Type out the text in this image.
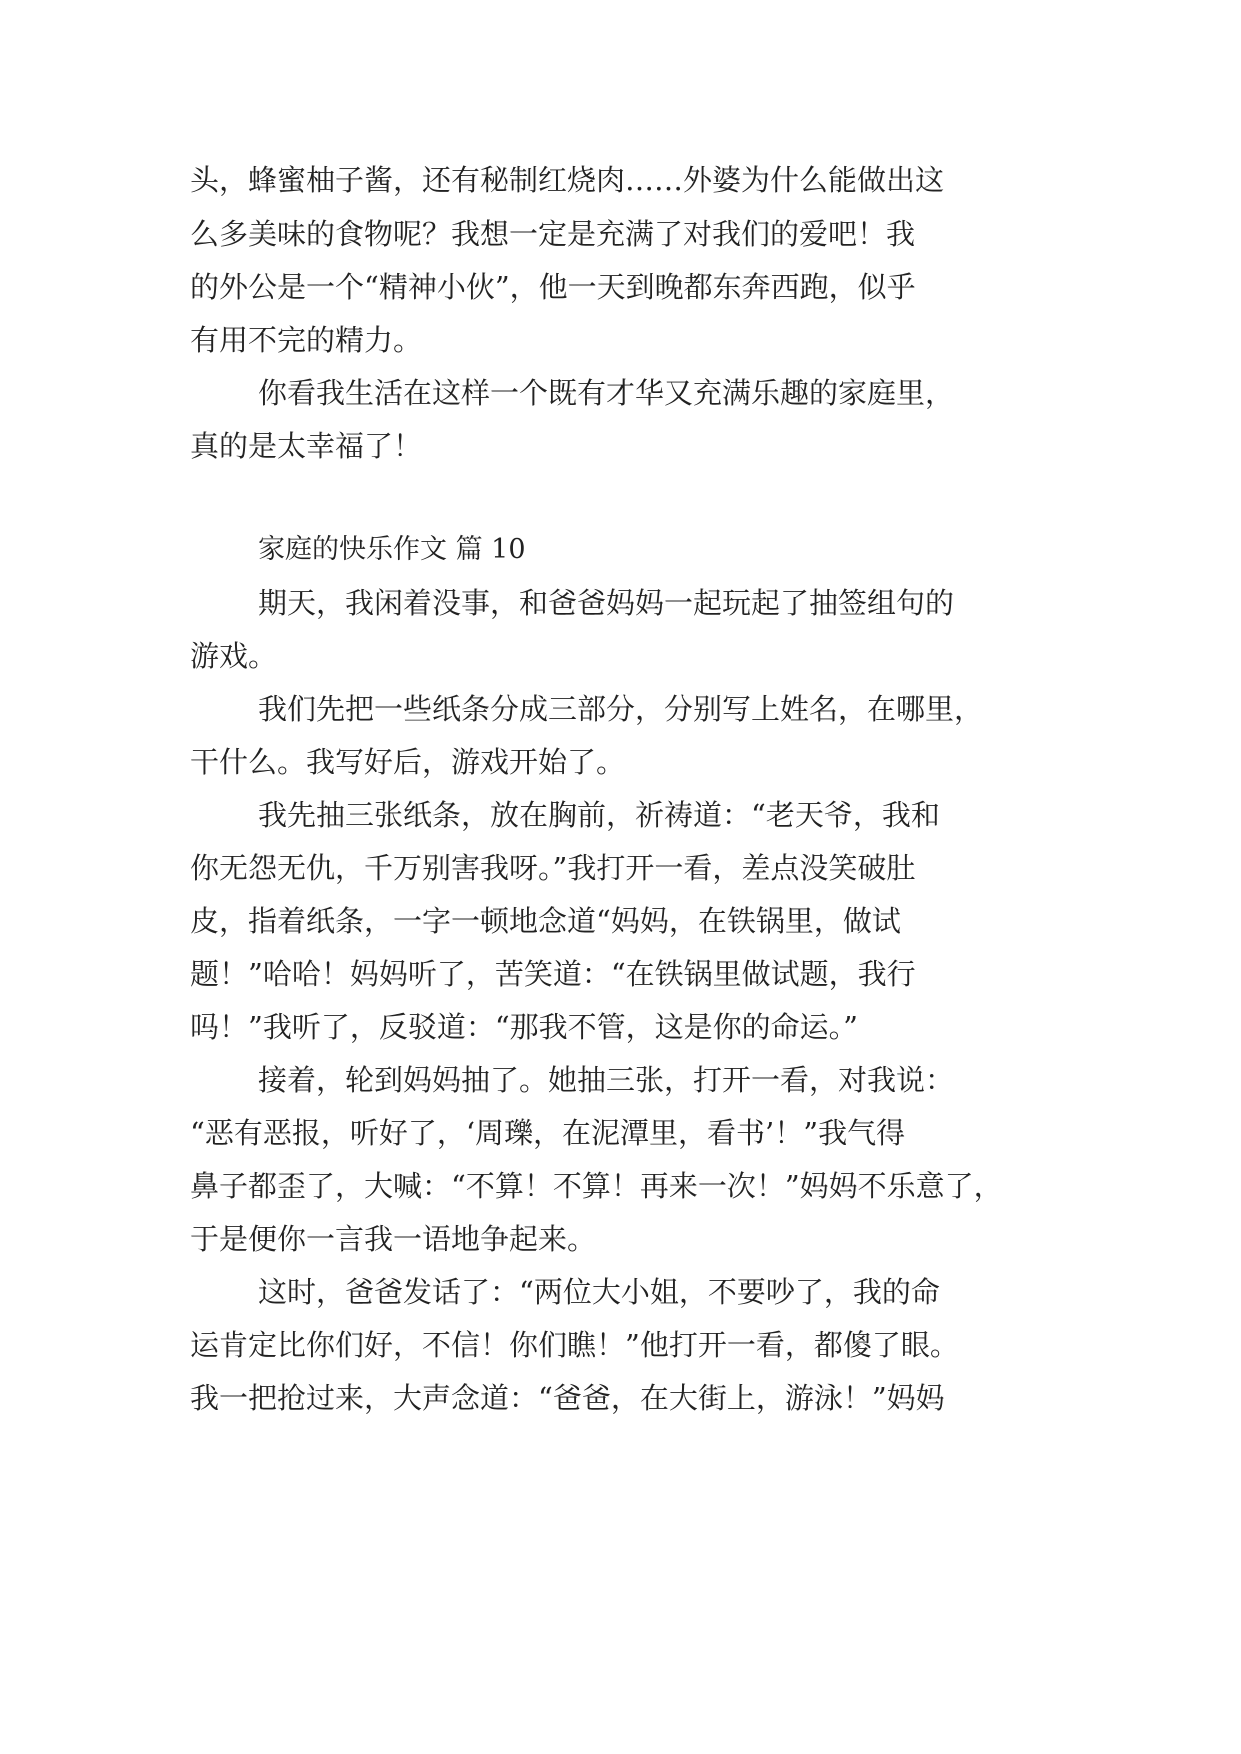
头，蜂蜜柚子酱，还有秘制红烧肉……外婆为什么能做出这
么多美味的食物呢？我想一定是充满了对我们的爱吧！我
的外公是一个“精神小伙”，他一天到晚都东奔西跑，似乎
有用不完的精力。
你看我生活在这样一个既有才华又充满乐趣的家庭里，
真的是太幸福了！
家庭的快乐作文 篇 10
期天，我闲着没事，和爸爸妈妈一起玩起了抽签组句的
游戏。
我们先把一些纸条分成三部分，分别写上姓名，在哪里，
干什么。我写好后，游戏开始了。
我先抽三张纸条，放在胸前，祈祷道：“老天爷，我和
你无怨无仇，千万别害我呀。”我打开一看，差点没笑破肚
皮，指着纸条，一字一顿地念道“妈妈，在铁锅里，做试
题！”哈哈！妈妈听了，苦笑道：“在铁锅里做试题，我行
吗！”我听了，反驳道：“那我不管，这是你的命运。”
接着，轮到妈妈抽了。她抽三张，打开一看，对我说：
“恶有恶报，听好了，‘周瓅，在泥潭里，看书’！”我气得
鼻子都歪了，大喊：“不算！不算！再来一次！”妈妈不乐意了，
于是便你一言我一语地争起来。
这时，爸爸发话了：“两位大小姐，不要吵了，我的命
运肯定比你们好，不信！你们瞧！”他打开一看，都傻了眼。
我一把抢过来，大声念道：“爸爸，在大街上，游泳！”妈妈
